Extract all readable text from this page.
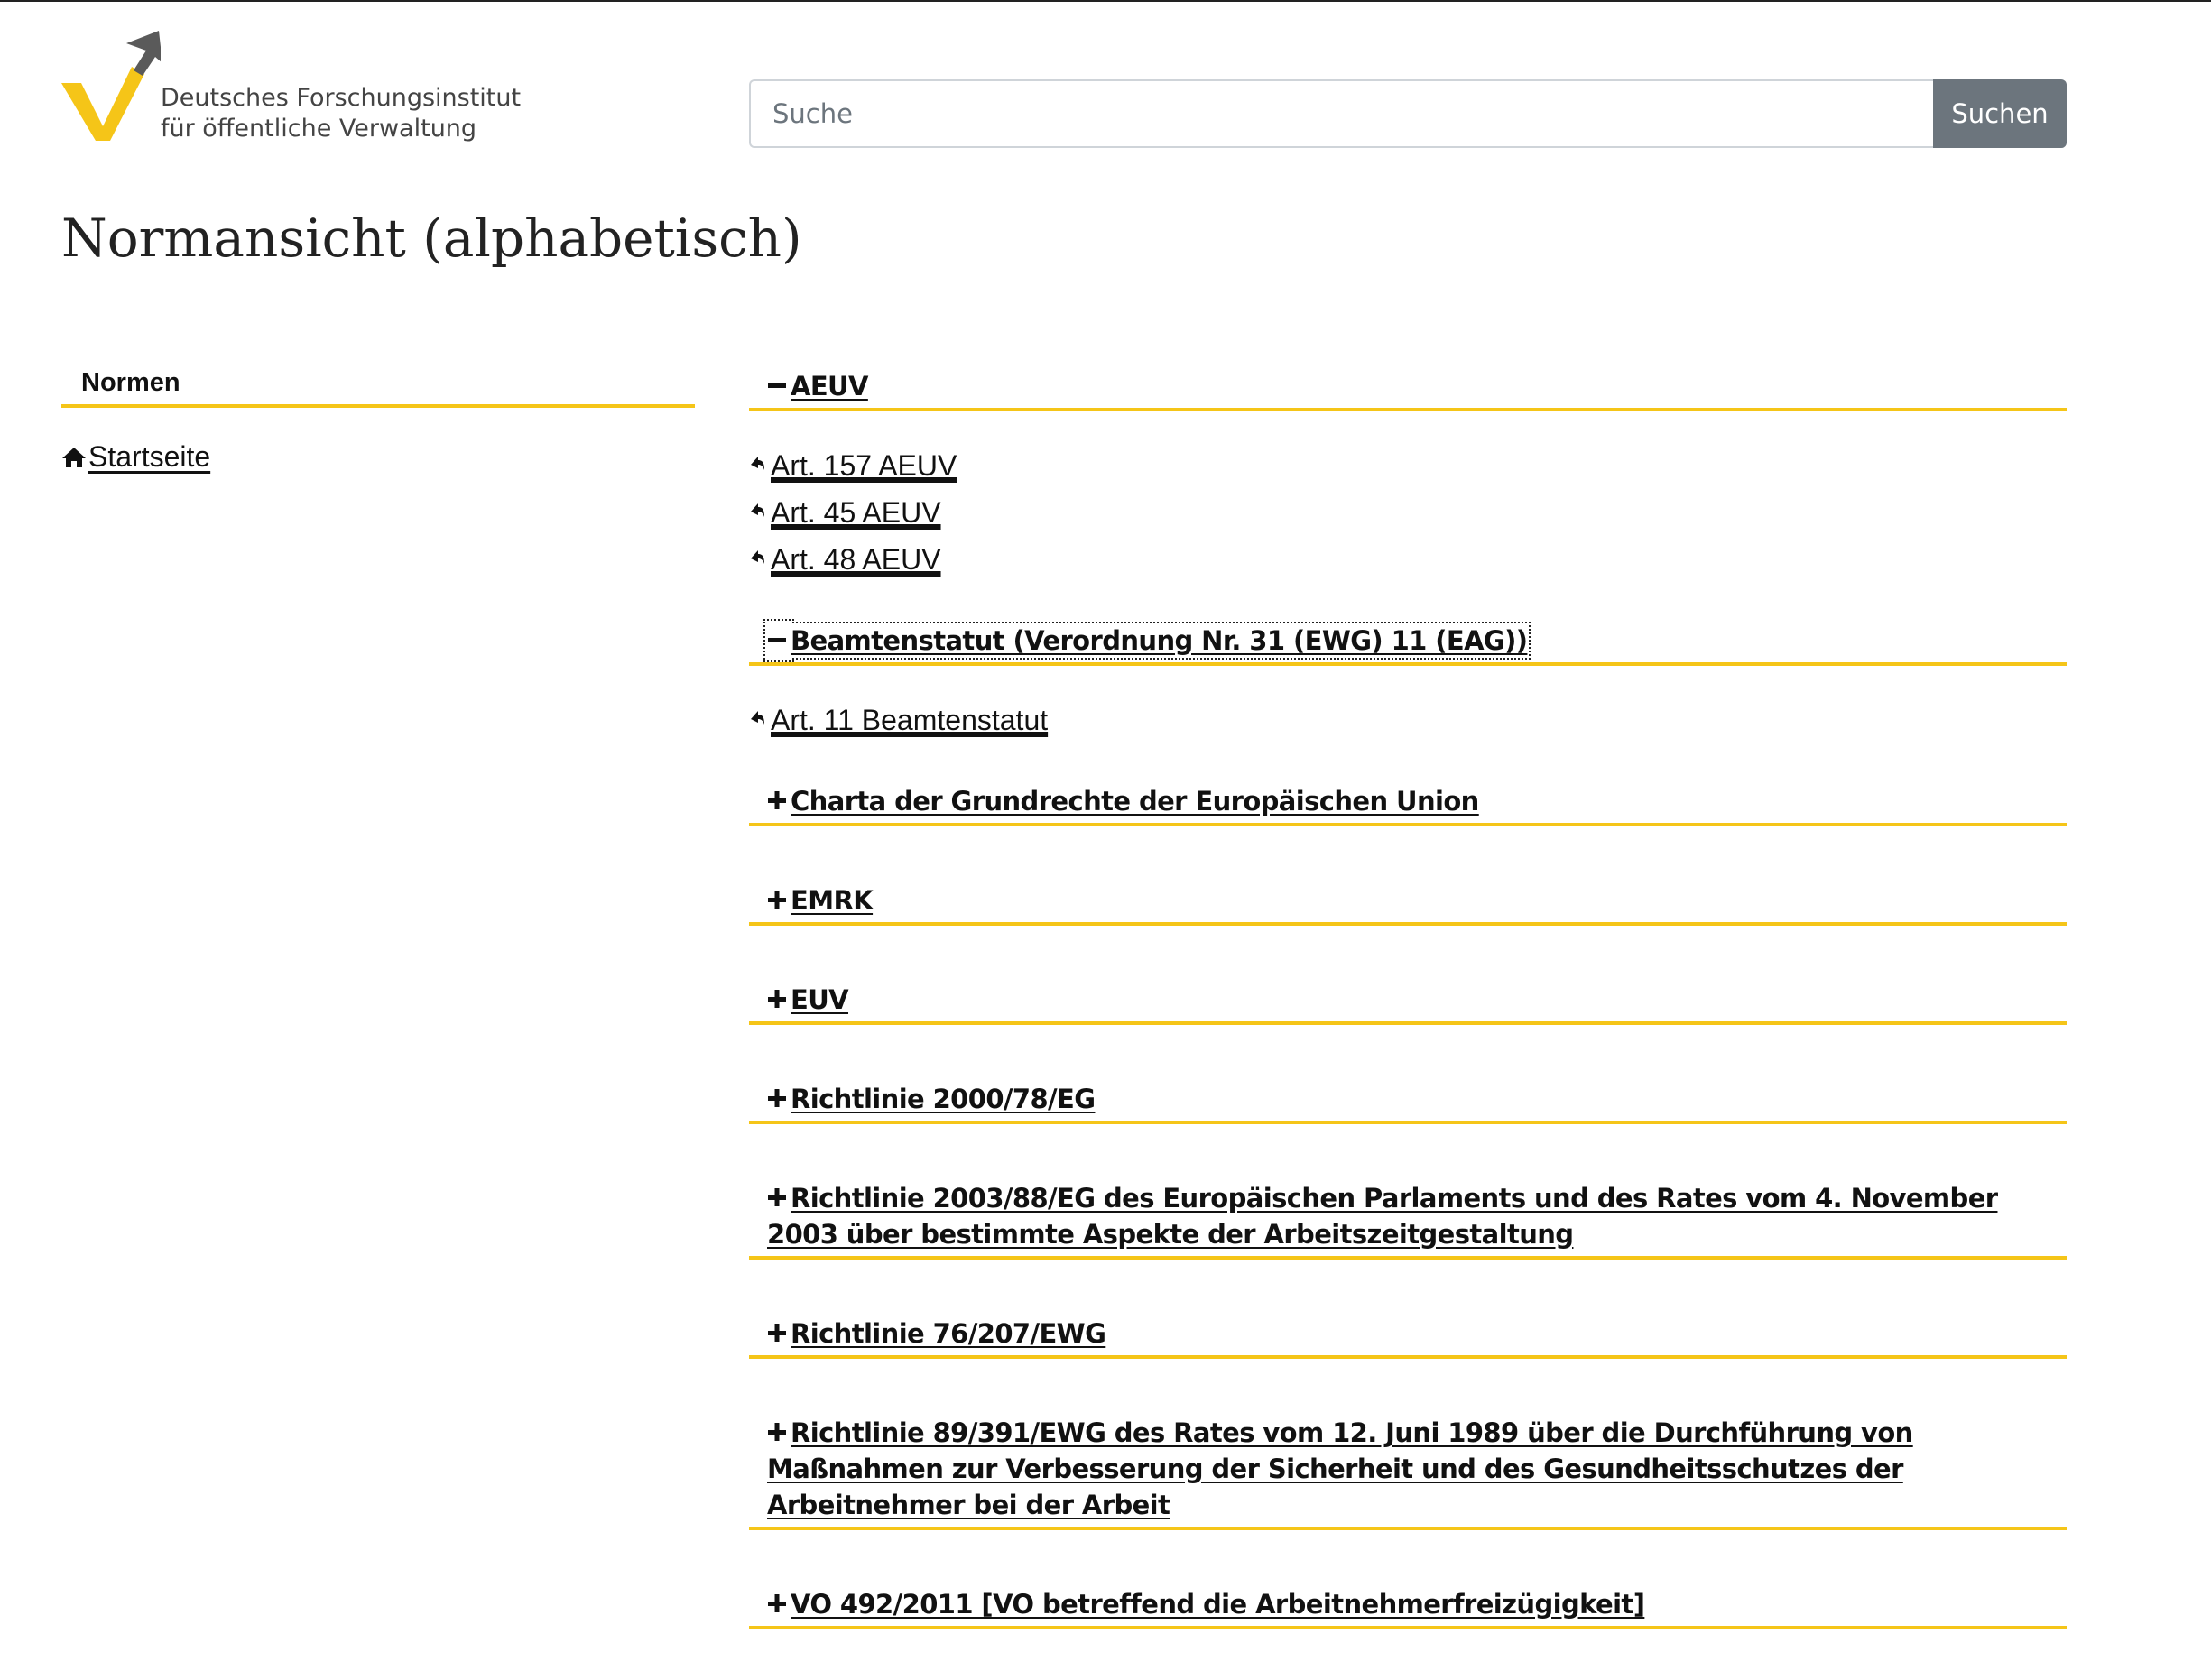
Deutsches Forschungsinstitut
für öffentliche Verwaltung
Suche	Suchen
Normansicht (alphabetisch)
Normen
Startseite
AEUV
Art. 157 AEUV
Art. 45 AEUV
Art. 48 AEUV
Beamtenstatut (Verordnung Nr. 31 (EWG) 11 (EAG))
Art. 11 Beamtenstatut
Charta der Grundrechte der Europäischen Union
EMRK
EUV
Richtlinie 2000/78/EG
Richtlinie 2003/88/EG des Europäischen Parlaments und des Rates vom 4. November 2003 über bestimmte Aspekte der Arbeitszeitgestaltung
Richtlinie 76/207/EWG
Richtlinie 89/391/EWG des Rates vom 12. Juni 1989 über die Durchführung von Maßnahmen zur Verbesserung der Sicherheit und des Gesundheitsschutzes der Arbeitnehmer bei der Arbeit
VO 492/2011 [VO betreffend die Arbeitnehmerfreizügigkeit]
